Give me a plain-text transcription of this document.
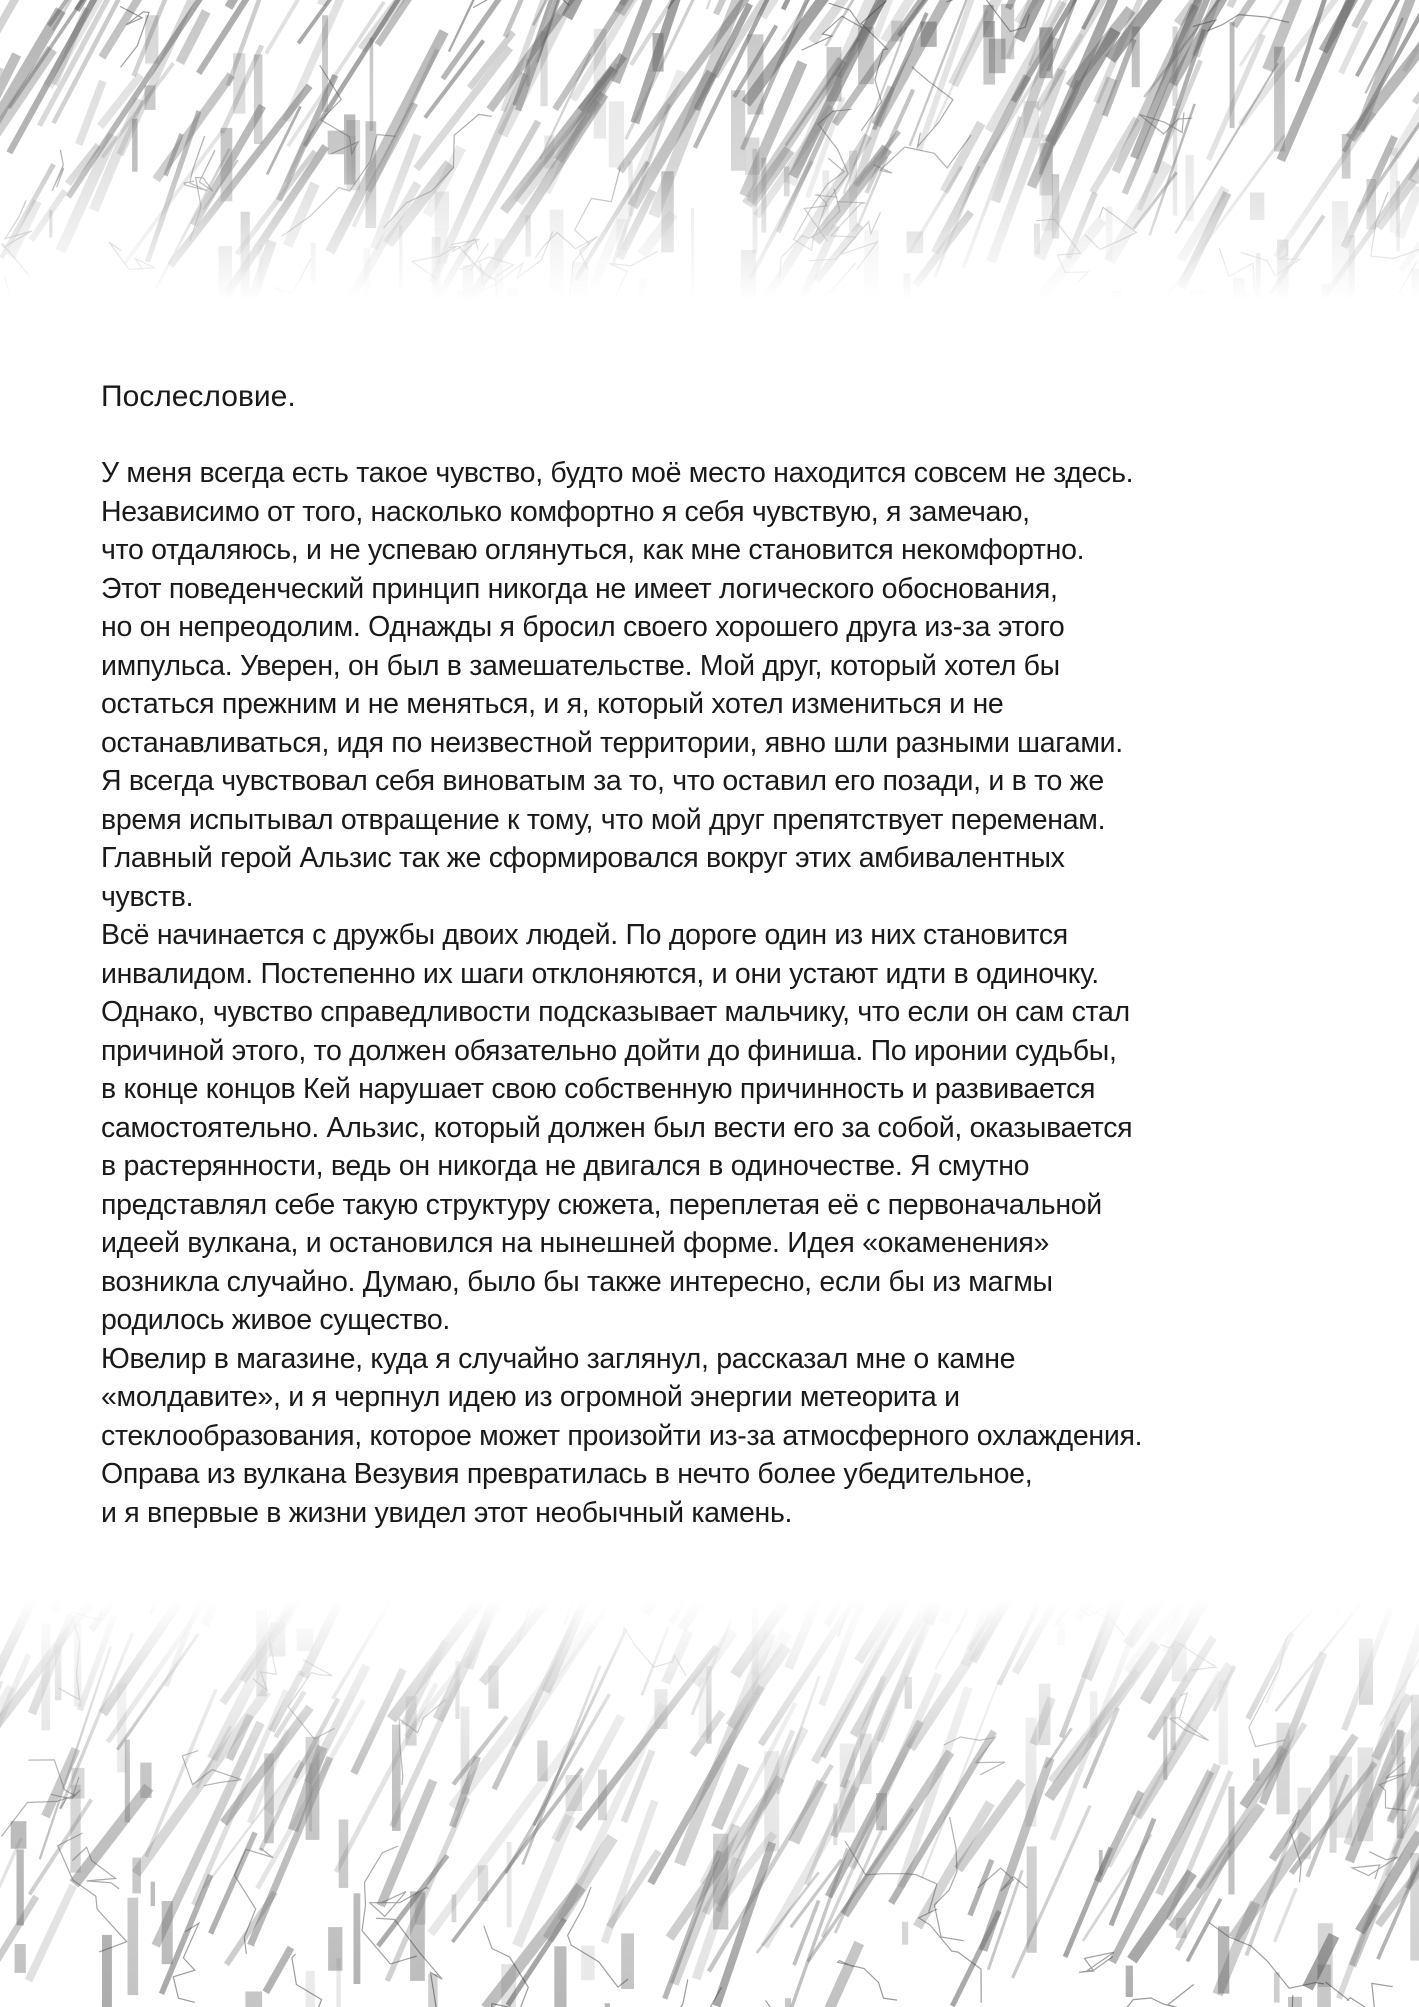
Послесловие.
У меня всегда есть такое чувство, будто моё место находится совсем не здесь.
Независимо от того, насколько комфортно я себя чувствую, я замечаю,
что отдаляюсь, и не успеваю оглянуться, как мне становится некомфортно.
Этот поведенческий принцип никогда не имеет логического обоснования,
но он непреодолим. Однажды я бросил своего хорошего друга из-за этого
импульса. Уверен, он был в замешательстве. Мой друг, который хотел бы
остаться прежним и не меняться, и я, который хотел измениться и не
останавливаться, идя по неизвестной территории, явно шли разными шагами.
Я всегда чувствовал себя виноватым за то, что оставил его позади, и в то же
время испытывал отвращение к тому, что мой друг препятствует переменам.
Главный герой Альзис так же сформировался вокруг этих амбивалентных
чувств.
Всё начинается с дружбы двоих людей. По дороге один из них становится
инвалидом. Постепенно их шаги отклоняются, и они устают идти в одиночку.
Однако, чувство справедливости подсказывает мальчику, что если он сам стал
причиной этого, то должен обязательно дойти до финиша. По иронии судьбы,
в конце концов Кей нарушает свою собственную причинность и развивается
самостоятельно. Альзис, который должен был вести его за собой, оказывается
в растерянности, ведь он никогда не двигался в одиночестве. Я смутно
представлял себе такую структуру сюжета, переплетая её с первоначальной
идеей вулкана, и остановился на нынешней форме. Идея «окаменения»
возникла случайно. Думаю, было бы также интересно, если бы из магмы
родилось живое существо.
Ювелир в магазине, куда я случайно заглянул, рассказал мне о камне
«молдавите», и я черпнул идею из огромной энергии метеорита и
стеклообразования, которое может произойти из-за атмосферного охлаждения.
Оправа из вулкана Везувия превратилась в нечто более убедительное,
и я впервые в жизни увидел этот необычный камень.
